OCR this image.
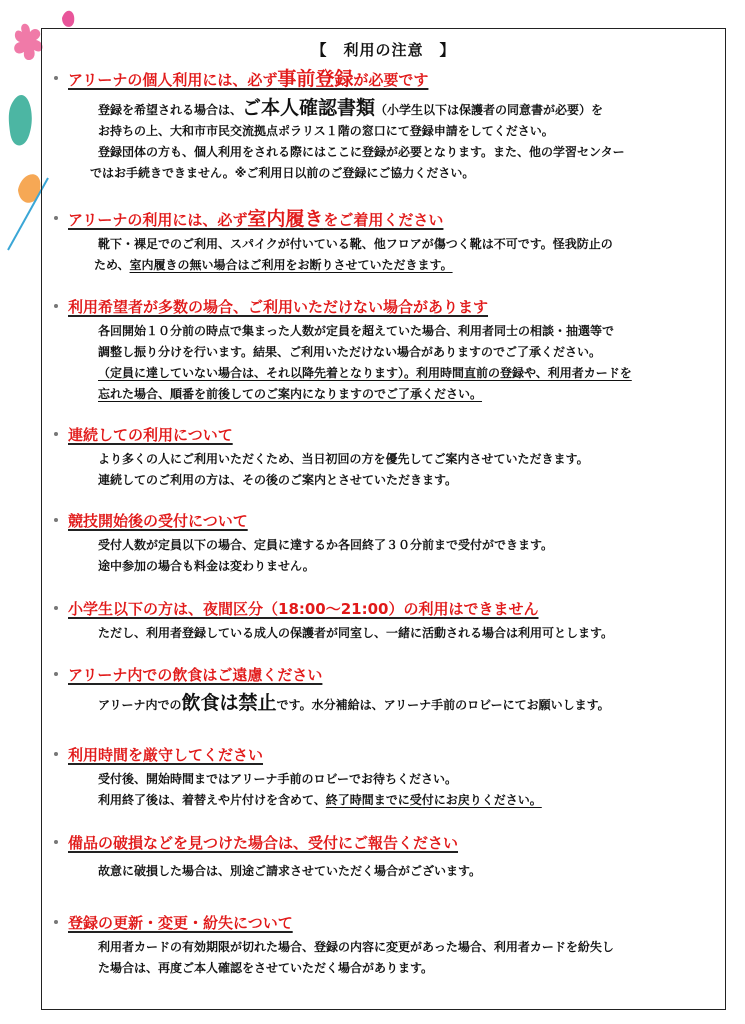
【　利用の注意　】
アリーナの個人利用には、必ず事前登録が必要です
登録を希望される場合は、ご本人確認書類（小学生以下は保護者の同意書が必要）を
お持ちの上、大和市市民交流拠点ポラリス１階の窓口にて登録申請をしてください。
登録団体の方も、個人利用をされる際にはここに登録が必要となります。また、他の学習センター
ではお手続きできません。※ご利用日以前のご登録にご協力ください。
アリーナの利用には、必ず室内履きをご着用ください
靴下・裸足でのご利用、スパイクが付いている靴、他フロアが傷つく靴は不可です。怪我防止の
ため、室内履きの無い場合はご利用をお断りさせていただきます。
利用希望者が多数の場合、ご利用いただけない場合があります
各回開始１０分前の時点で集まった人数が定員を超えていた場合、利用者同士の相談・抽選等で
調整し振り分けを行います。結果、ご利用いただけない場合がありますのでご了承ください。
（定員に達していない場合は、それ以降先着となります）。利用時間直前の登録や、利用者カードを
忘れた場合、順番を前後してのご案内になりますのでご了承ください。
連続しての利用について
より多くの人にご利用いただくため、当日初回の方を優先してご案内させていただきます。
連続してのご利用の方は、その後のご案内とさせていただきます。
競技開始後の受付について
受付人数が定員以下の場合、定員に達するか各回終了３０分前まで受付ができます。
途中参加の場合も料金は変わりません。
小学生以下の方は、夜間区分（18:00～21:00）の利用はできません
ただし、利用者登録している成人の保護者が同室し、一緒に活動される場合は利用可とします。
アリーナ内での飲食はご遠慮ください
アリーナ内での飲食は禁止です。水分補給は、アリーナ手前のロビーにてお願いします。
利用時間を厳守してください
受付後、開始時間まではアリーナ手前のロビーでお待ちください。
利用終了後は、着替えや片付けを含めて、終了時間までに受付にお戻りください。
備品の破損などを見つけた場合は、受付にご報告ください
故意に破損した場合は、別途ご請求させていただく場合がございます。
登録の更新・変更・紛失について
利用者カードの有効期限が切れた場合、登録の内容に変更があった場合、利用者カードを紛失し
た場合は、再度ご本人確認をさせていただく場合があります。
